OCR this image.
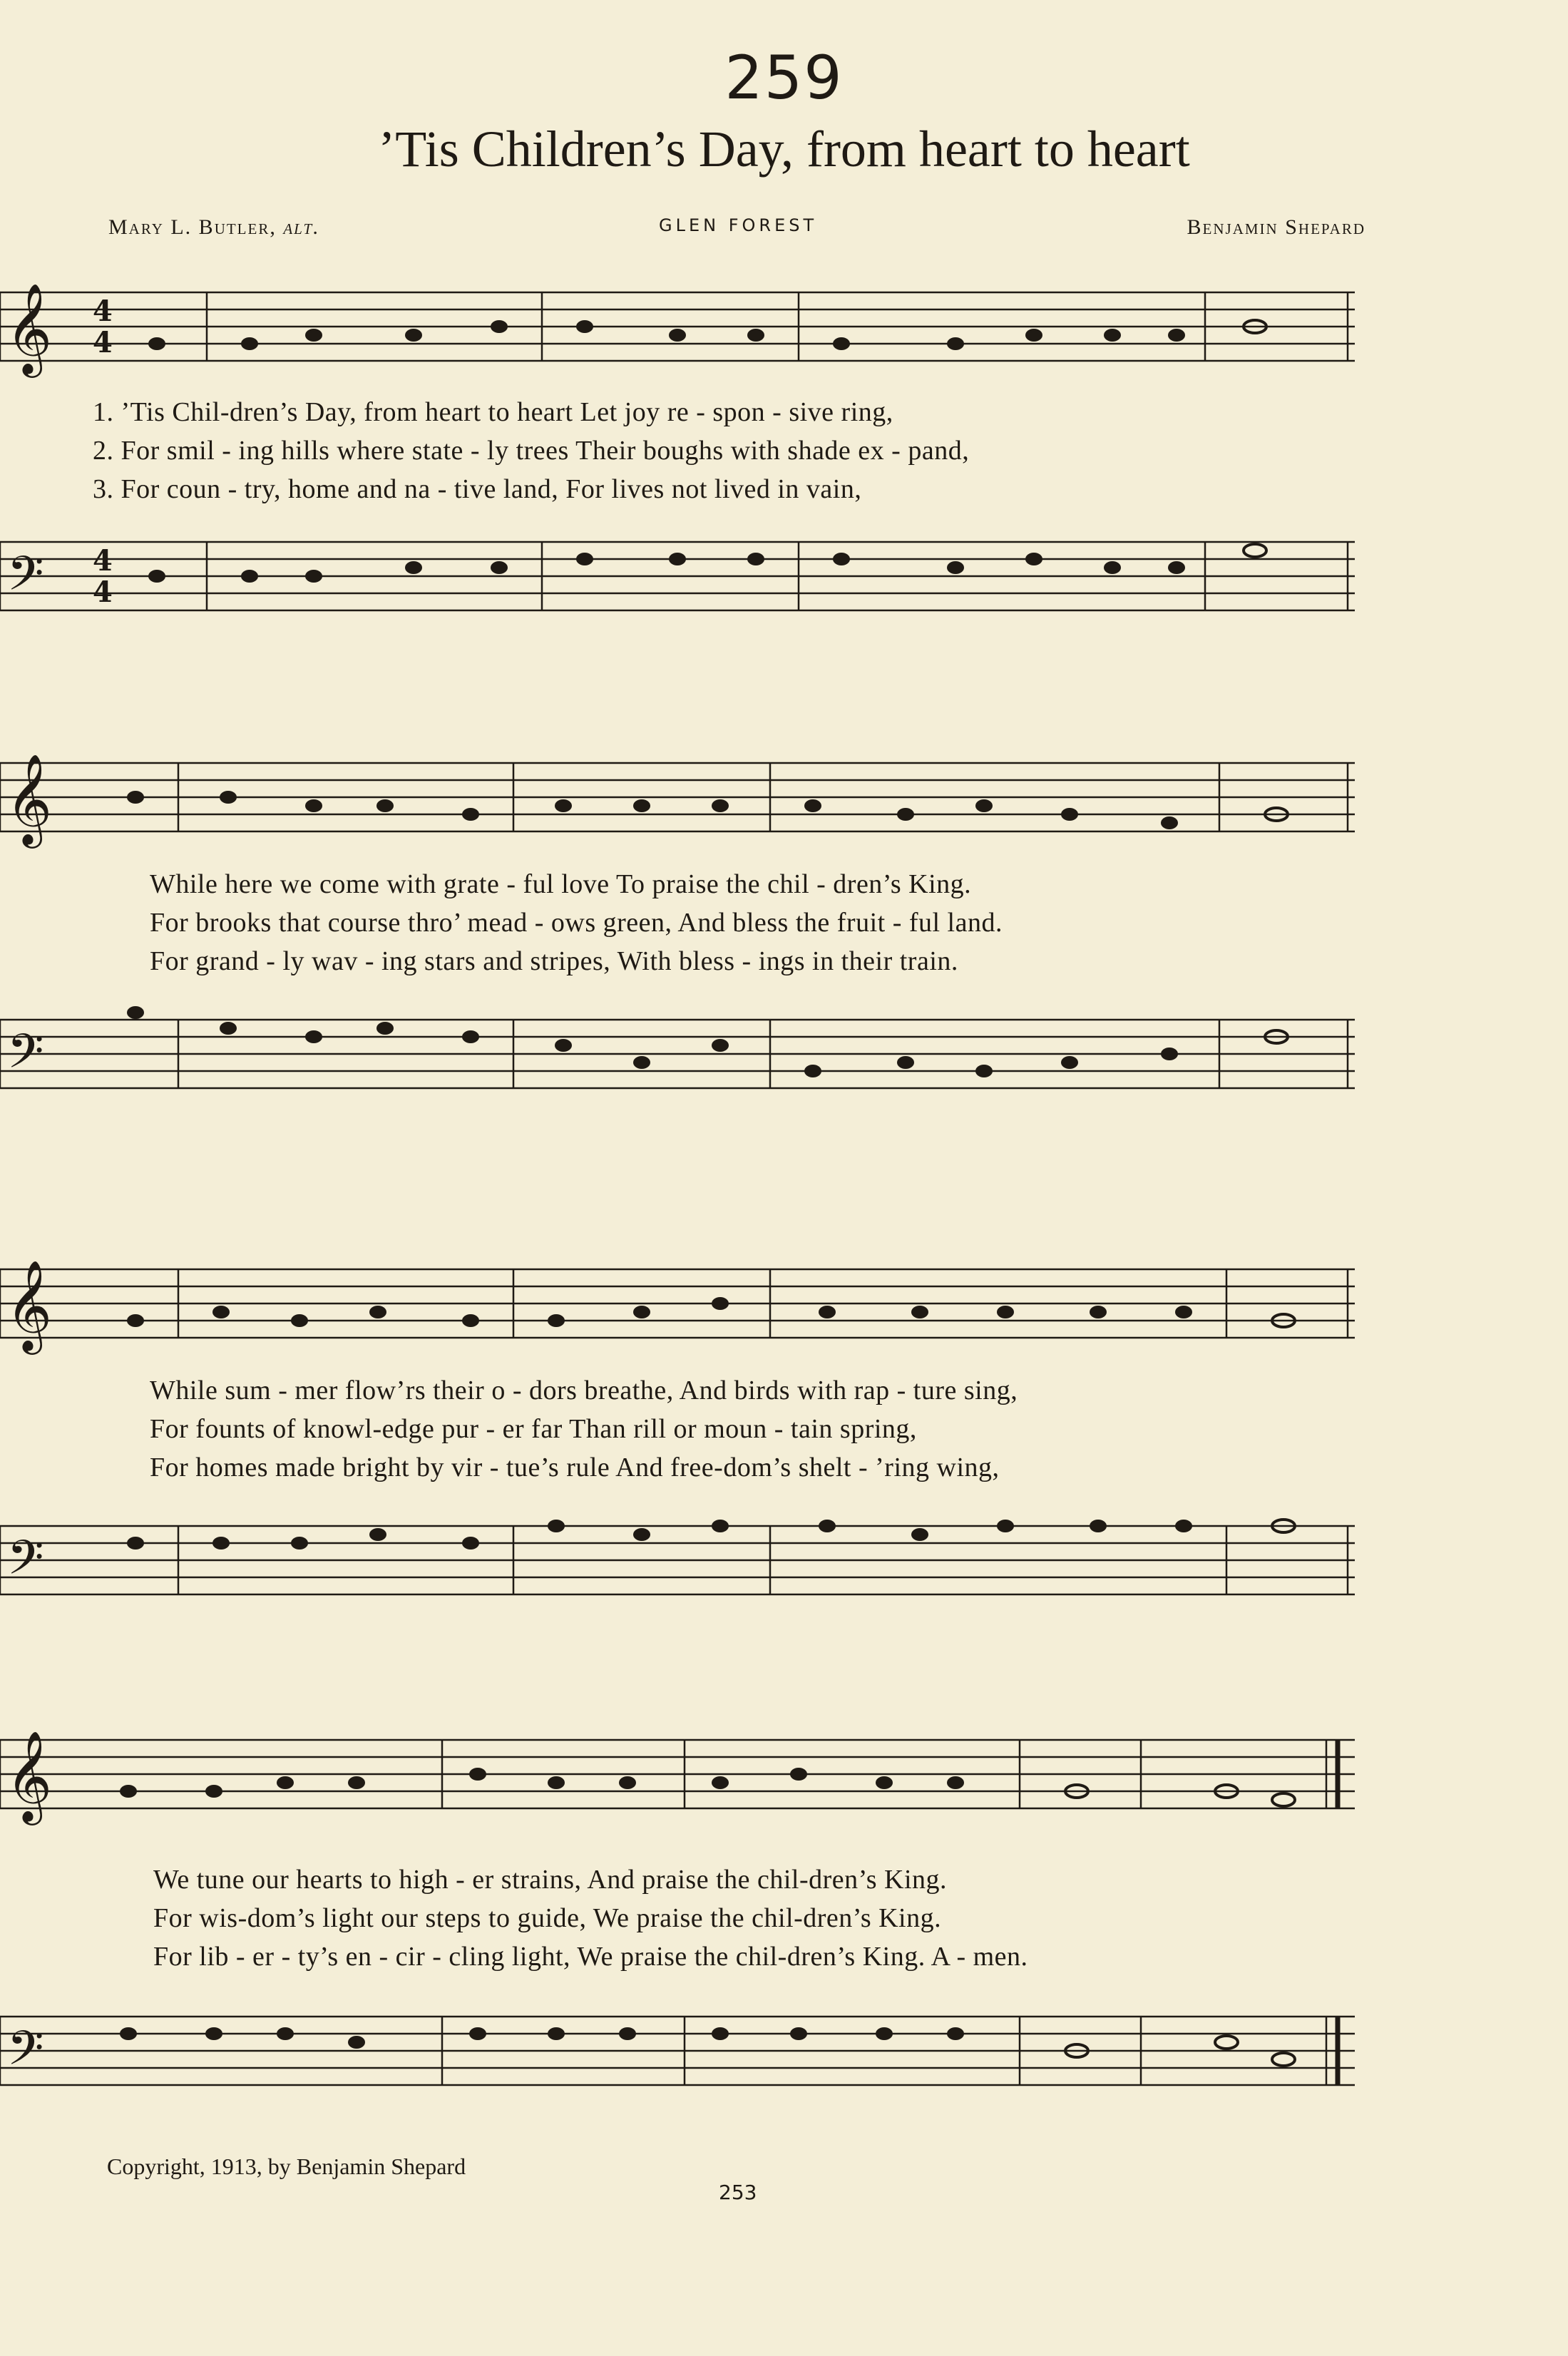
259
’Tis Children’s Day, from heart to heart
Mary L. Butler, alt.	GLEN FOREST	Benjamin Shepard
𝄞 4
4
1. ’Tis Chil-dren’s Day, from heart to heart Let joy re - spon - sive ring,
2. For smil - ing hills where state - ly trees Their boughs with shade ex - pand,
3. For coun - try, home and na - tive land, For lives not lived in vain,
𝄢 4
4
𝄞
While here we come with grate - ful love To praise the chil - dren’s King.
For brooks that course thro’ mead - ows green, And bless the fruit - ful land.
For grand - ly wav - ing stars and stripes, With bless - ings in their train.
𝄢
𝄞
While sum - mer flow’rs their o - dors breathe, And birds with rap - ture sing,
For founts of knowl-edge pur - er far Than rill or moun - tain spring,
For homes made bright by vir - tue’s rule And free-dom’s shelt - ’ring wing,
𝄢
𝄞
We tune our hearts to high - er strains, And praise the chil-dren’s King.
For wis-dom’s light our steps to guide, We praise the chil-dren’s King.
For lib - er - ty’s en - cir - cling light, We praise the chil-dren’s King. A - men.
𝄢
Copyright, 1913, by Benjamin Shepard
253
